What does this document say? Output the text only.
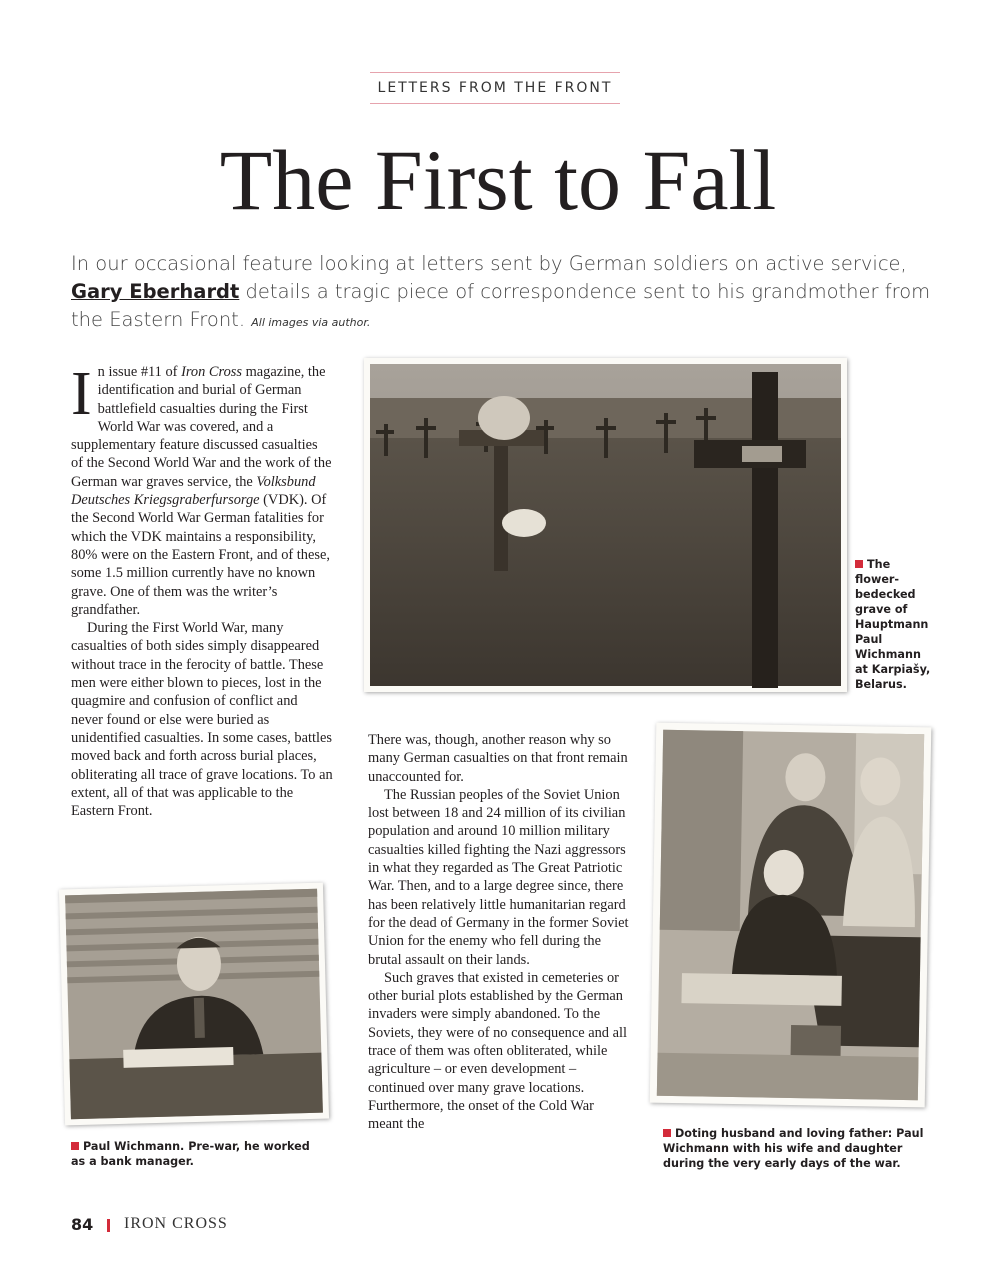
LETTERS FROM THE FRONT
The First to Fall
In our occasional feature looking at letters sent by German soldiers on active service,
Gary Eberhardt details a tragic piece of correspondence sent to his grandmother from the Eastern Front. All images via author.

In issue #11 of Iron Cross magazine, the identification and burial of German battlefield casualties during the First World War was covered, and a supplementary feature discussed casualties of the Second World War and the work of the German war graves service, the Volksbund Deutsches Kriegsgraberfursorge (VDK). Of the Second World War German fatalities for which the VDK maintains a responsibility, 80% were on the Eastern Front, and of these, some 1.5 million currently have no known grave. One of them was the writer’s grandfather.

During the First World War, many casualties of both sides simply disappeared without trace in the ferocity of battle. These men were either blown to pieces, lost in the quagmire and confusion of conflict and never found or else were buried as unidentified casualties. In some cases, battles moved back and forth across burial places, obliterating all trace of grave locations. To an extent, all of that was applicable to the Eastern Front.

There was, though, another reason why so many German casualties on that front remain unaccounted for.

The Russian peoples of the Soviet Union lost between 18 and 24 million of its civilian population and around 10 million military casualties killed fighting the Nazi aggressors in what they regarded as The Great Patriotic War. Then, and to a large degree since, there has been relatively little humanitarian regard for the dead of Germany in the former Soviet Union for the enemy who fell during the brutal assault on their lands.

Such graves that existed in cemeteries or other burial plots established by the German invaders were simply abandoned. To the Soviets, they were of no consequence and all trace of them was often obliterated, while agriculture – or even development – continued over many grave locations. Furthermore, the onset of the Cold War meant the

The flower-bedecked grave of Hauptmann Paul Wichmann at Karpiašy, Belarus.
Paul Wichmann. Pre-war, he worked as a bank manager.
Doting husband and loving father: Paul Wichmann with his wife and daughter during the very early days of the war.
84 IRON CROSS
